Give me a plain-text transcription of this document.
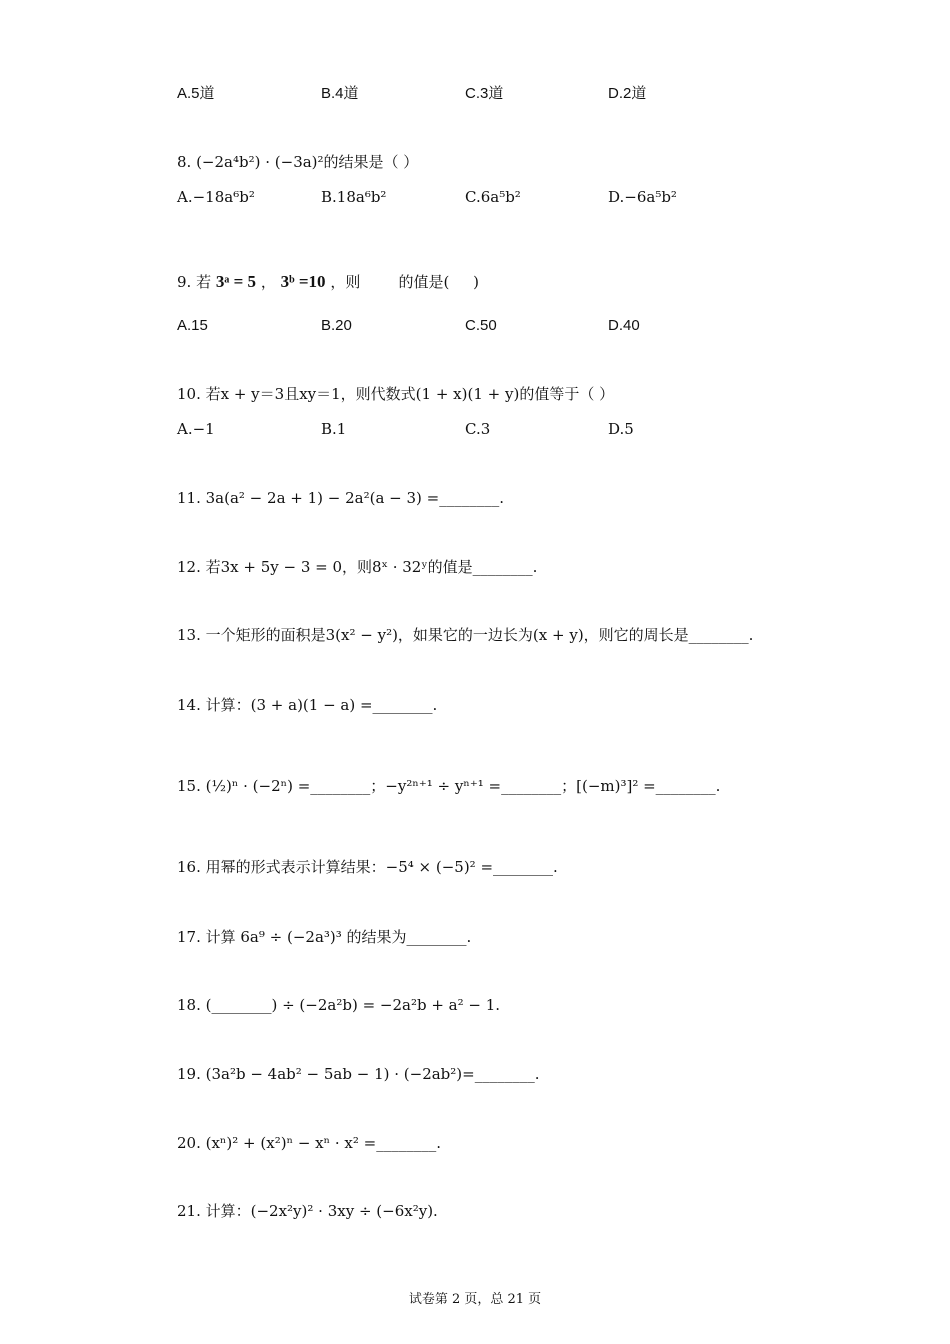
A.5道	B.4道	C.3道	D.2道
8. (−2a⁴b²) · (−3a)²的结果是（ ）
A.−18a⁶b²	B.18a⁶b²	C.6a⁵b²	D.−6a⁵b²
9. 若 3ᵃ = 5 ， 3ᵇ =10 ，则        的值是(     )
A.15	B.20	C.50	D.40
10. 若x + y＝3且xy＝1，则代数式(1 + x)(1 + y)的值等于（ ）
A.−1	B.1	C.3	D.5
11. 3a(a² − 2a + 1) − 2a²(a − 3) =________.
12. 若3x + 5y − 3 = 0，则8ˣ · 32ʸ的值是________.
13. 一个矩形的面积是3(x² − y²)，如果它的一边长为(x + y)，则它的周长是________.
14. 计算：(3 + a)(1 − a) =________.
15. (½)ⁿ · (−2ⁿ) =________；−y²ⁿ⁺¹ ÷ yⁿ⁺¹ =________；[(−m)³]² =________.
16. 用幂的形式表示计算结果：−5⁴ × (−5)² =________.
17. 计算 6a⁹ ÷ (−2a³)³ 的结果为________.
18. (________) ÷ (−2a²b) = −2a²b + a² − 1.
19. (3a²b − 4ab² − 5ab − 1) · (−2ab²)=________.
20. (xⁿ)² + (x²)ⁿ − xⁿ · x² =________.
21. 计算：(−2x²y)² · 3xy ÷ (−6x²y).
试卷第 2 页，总 21 页
